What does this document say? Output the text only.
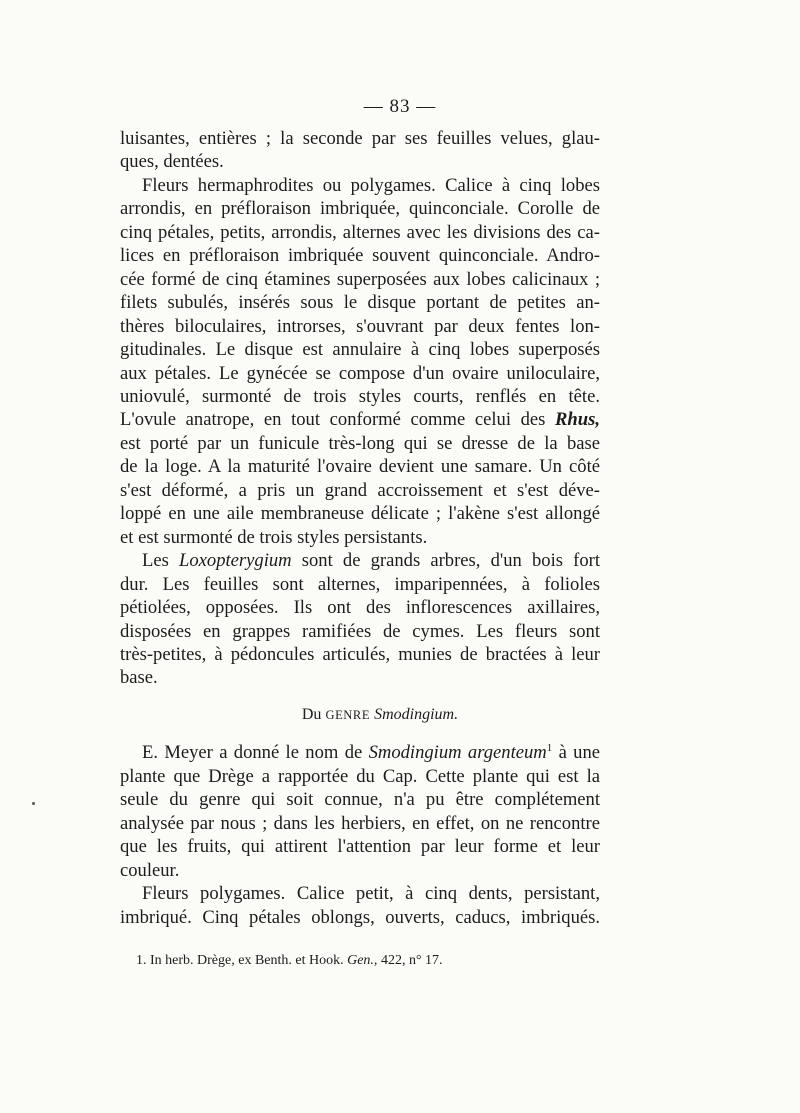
— 83 —
luisantes, entières ; la seconde par ses feuilles velues, glau-
ques, dentées.
Fleurs hermaphrodites ou polygames. Calice à cinq lobes
arrondis, en préfloraison imbriquée, quinconciale. Corolle de
cinq pétales, petits, arrondis, alternes avec les divisions des ca-
lices en préfloraison imbriquée souvent quinconciale. Andro-
cée formé de cinq étamines superposées aux lobes calicinaux ;
filets subulés, insérés sous le disque portant de petites an-
thères biloculaires, introrses, s'ouvrant par deux fentes lon-
gitudinales. Le disque est annulaire à cinq lobes superposés
aux pétales. Le gynécée se compose d'un ovaire uniloculaire,
uniovulé, surmonté de trois styles courts, renflés en tête.
L'ovule anatrope, en tout conformé comme celui des Rhus,
est porté par un funicule très-long qui se dresse de la base
de la loge. A la maturité l'ovaire devient une samare. Un côté
s'est déformé, a pris un grand accroissement et s'est déve-
loppé en une aile membraneuse délicate ; l'akène s'est allongé
et est surmonté de trois styles persistants.
Les Loxopterygium sont de grands arbres, d'un bois fort
dur. Les feuilles sont alternes, imparipennées, à folioles
pétiolées, opposées. Ils ont des inflorescences axillaires,
disposées en grappes ramifiées de cymes. Les fleurs sont
très-petites, à pédoncules articulés, munies de bractées à leur
base.
Du GENRE Smodingium.
E. Meyer a donné le nom de Smodingium argenteum$^1$ à une
plante que Drège a rapportée du Cap. Cette plante qui est la
seule du genre qui soit connue, n'a pu être complétement
analysée par nous ; dans les herbiers, en effet, on ne rencontre
que les fruits, qui attirent l'attention par leur forme et leur
couleur.
Fleurs polygames. Calice petit, à cinq dents, persistant,
imbriqué. Cinq pétales oblongs, ouverts, caducs, imbriqués.
1. In herb. Drège, ex Benth. et Hook. Gen., 422, n° 17.
